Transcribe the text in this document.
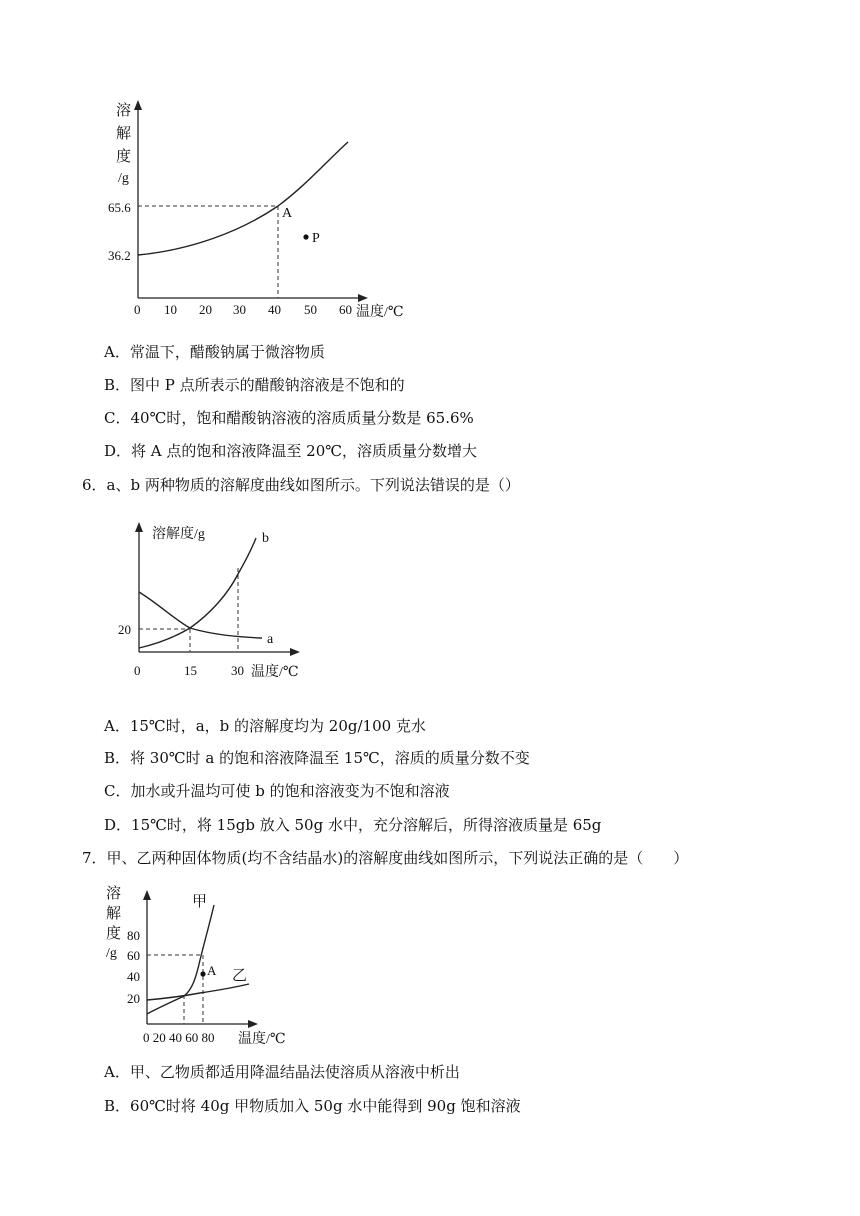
溶
解
度
/g
65.6
36.2
0 10 20 30 40 50 60 温度/℃
A
P
A．常温下，醋酸钠属于微溶物质
B．图中 P 点所表示的醋酸钠溶液是不饱和的
C．40℃时，饱和醋酸钠溶液的溶质质量分数是 65.6%
D．将 A 点的饱和溶液降温至 20℃，溶质质量分数增大
6．a、b 两种物质的溶解度曲线如图所示。下列说法错误的是（）
溶解度/g
20
0	15	30 温度/℃
b
a
A．15℃时，a，b 的溶解度均为 20g/100 克水
B．将 30℃时 a 的饱和溶液降温至 15℃，溶质的质量分数不变
C．加水或升温均可使 b 的饱和溶液变为不饱和溶液
D．15℃时，将 15gb 放入 50g 水中，充分溶解后，所得溶液质量是 65g
7．甲、乙两种固体物质(均不含结晶水)的溶解度曲线如图所示，下列说法正确的是（　　）
溶
解
度
/g
80
60
40
20
0 20 40 60 80 温度/℃
甲
乙
A
A．甲、乙物质都适用降温结晶法使溶质从溶液中析出
B．60℃时将 40g 甲物质加入 50g 水中能得到 90g 饱和溶液
